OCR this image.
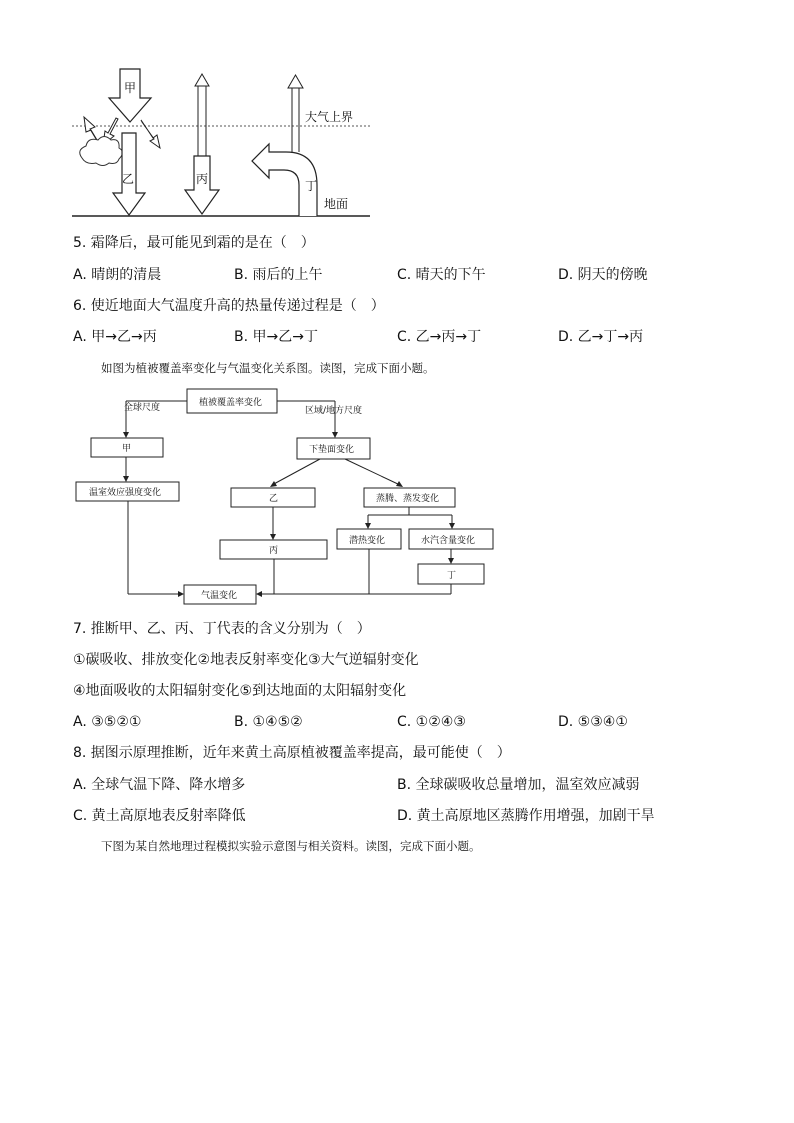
甲
乙	丙	丁
大气上界
地面
5. 霜降后，最可能见到霜的是在（　）
A. 晴朗的清晨	B. 雨后的上午	C. 晴天的下午	D. 阴天的傍晚
6. 使近地面大气温度升高的热量传递过程是（　）
A. 甲→乙→丙	B. 甲→乙→丁	C. 乙→丙→丁	D. 乙→丁→丙
如图为植被覆盖率变化与气温变化关系图。读图，完成下面小题。
植被覆盖率变化
全球尺度	区域/地方尺度
甲
温室效应强度变化
下垫面变化
乙
丙
蒸腾、蒸发变化
潜热变化	水汽含量变化
丁
气温变化
7. 推断甲、乙、丙、丁代表的含义分别为（　）
①碳吸收、排放变化②地表反射率变化③大气逆辐射变化
④地面吸收的太阳辐射变化⑤到达地面的太阳辐射变化
A. ③⑤②①	B. ①④⑤②	C. ①②④③	D. ⑤③④①
8. 据图示原理推断，近年来黄土高原植被覆盖率提高，最可能使（　）
A. 全球气温下降、降水增多	B. 全球碳吸收总量增加，温室效应减弱
C. 黄土高原地表反射率降低	D. 黄土高原地区蒸腾作用增强，加剧干旱
下图为某自然地理过程模拟实验示意图与相关资料。读图，完成下面小题。
